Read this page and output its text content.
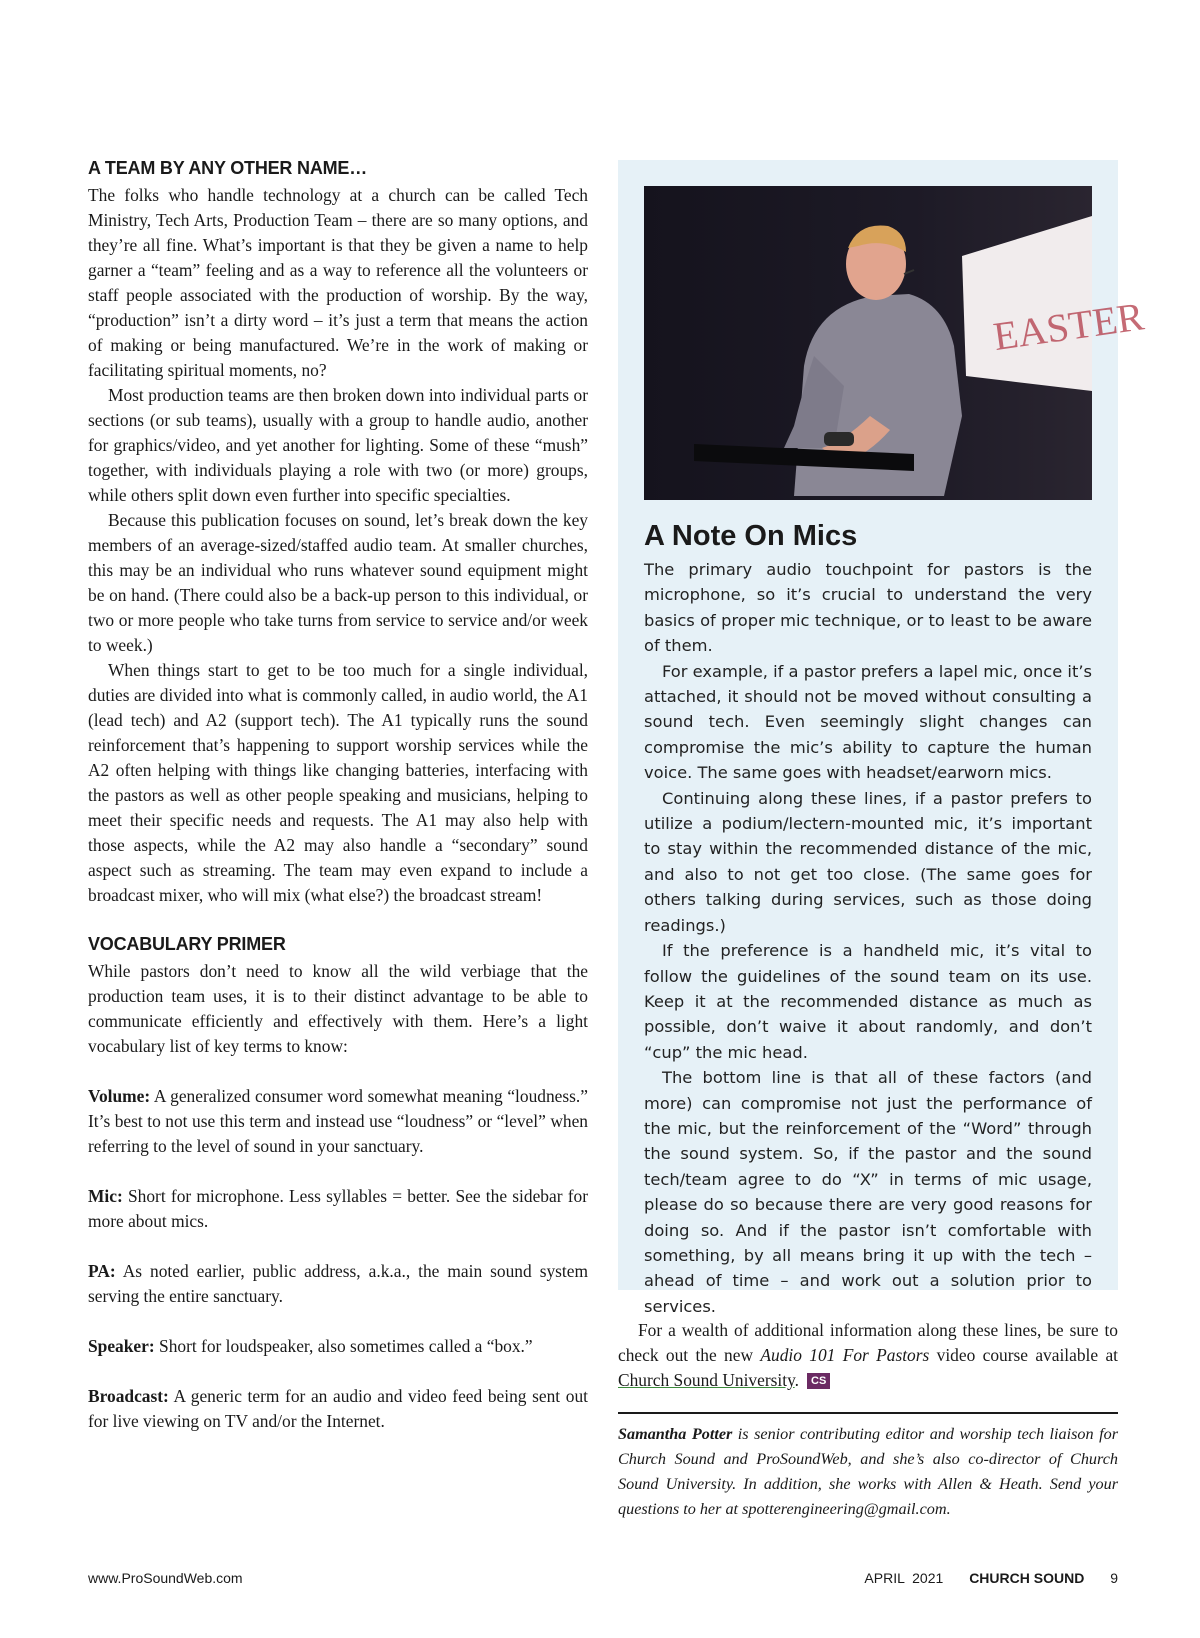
A TEAM BY ANY OTHER NAME…

The folks who handle technology at a church can be called Tech Ministry, Tech Arts, Production Team – there are so many options, and they’re all fine. What’s important is that they be given a name to help garner a “team” feeling and as a way to reference all the volunteers or staff people associated with the production of worship. By the way, “production” isn’t a dirty word – it’s just a term that means the action of making or being manufactured. We’re in the work of making or facilitating spiritual moments, no?

Most production teams are then broken down into individual parts or sections (or sub teams), usually with a group to handle audio, another for graphics/video, and yet another for lighting. Some of these “mush” together, with individuals playing a role with two (or more) groups, while others split down even further into specific specialties.

Because this publication focuses on sound, let’s break down the key members of an average-sized/staffed audio team. At smaller churches, this may be an individual who runs whatever sound equipment might be on hand. (There could also be a back-up person to this individual, or two or more people who take turns from service to service and/or week to week.)

When things start to get to be too much for a single individual, duties are divided into what is commonly called, in audio world, the A1 (lead tech) and A2 (support tech). The A1 typically runs the sound reinforcement that’s happening to support worship services while the A2 often helping with things like changing batteries, interfacing with the pastors as well as other people speaking and musicians, helping to meet their specific needs and requests. The A1 may also help with those aspects, while the A2 may also handle a “secondary” sound aspect such as streaming. The team may even expand to include a broadcast mixer, who will mix (what else?) the broadcast stream!

VOCABULARY PRIMER

While pastors don’t need to know all the wild verbiage that the production team uses, it is to their distinct advantage to be able to communicate efficiently and effectively with them. Here’s a light vocabulary list of key terms to know:

Volume: A generalized consumer word somewhat meaning “loudness.” It’s best to not use this term and instead use “loudness” or “level” when referring to the level of sound in your sanctuary.

Mic: Short for microphone. Less syllables = better. See the sidebar for more about mics.

PA: As noted earlier, public address, a.k.a., the main sound system serving the entire sanctuary.

Speaker: Short for loudspeaker, also sometimes called a “box.”

Broadcast: A generic term for an audio and video feed being sent out for live viewing on TV and/or the Internet.

EASTER
A Note On Mics

The primary audio touchpoint for pastors is the microphone, so it’s crucial to understand the very basics of proper mic technique, or to least to be aware of them.

For example, if a pastor prefers a lapel mic, once it’s attached, it should not be moved without consulting a sound tech. Even seemingly slight changes can compromise the mic’s ability to capture the human voice. The same goes with headset/earworn mics.

Continuing along these lines, if a pastor prefers to utilize a podium/lectern-mounted mic, it’s important to stay within the recommended distance of the mic, and also to not get too close. (The same goes for others talking during services, such as those doing readings.)

If the preference is a handheld mic, it’s vital to follow the guidelines of the sound team on its use. Keep it at the recommended distance as much as possible, don’t waive it about randomly, and don’t “cup” the mic head.

The bottom line is that all of these factors (and more) can compromise not just the performance of the mic, but the reinforcement of the “Word” through the sound system. So, if the pastor and the sound tech/team agree to do “X” in terms of mic usage, please do so because there are very good reasons for doing so. And if the pastor isn’t comfortable with something, by all means bring it up with the tech – ahead of time – and work out a solution prior to services.

For a wealth of additional information along these lines, be sure to check out the new Audio 101 For Pastors video course available at Church Sound University. CS
Samantha Potter is senior contributing editor and worship tech liaison for Church Sound and ProSoundWeb, and she’s also co-director of Church Sound University. In addition, she works with Allen & Heath. Send your questions to her at spotterengineering@gmail.com.
www.ProSoundWeb.com	APRIL  2021 CHURCH SOUND 9
